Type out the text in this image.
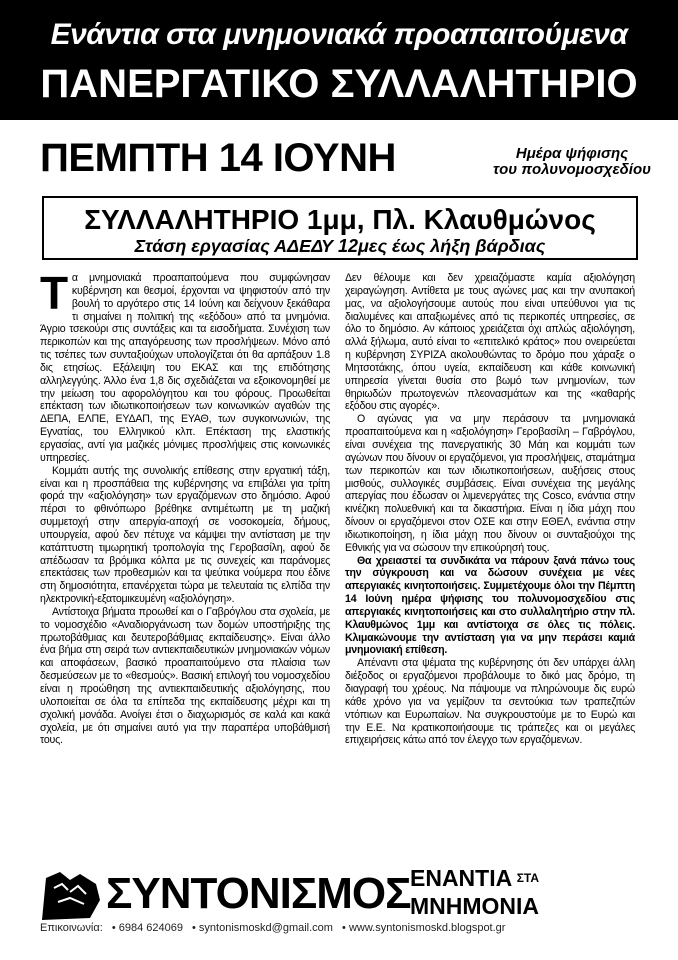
Ενάντια στα μνημονιακά προαπαιτούμενα
ΠΑΝΕΡΓΑΤΙΚΟ ΣΥΛΛΑΛΗΤΗΡΙΟ
ΠΕΜΠΤΗ 14 ΙΟΥΝΗ	Ημέρα ψήφισης
του πολυνομοσχεδίου
ΣΥΛΛΑΛΗΤΗΡΙΟ 1μμ, Πλ. Κλαυθμώνος
Στάση εργασίας ΑΔΕΔΥ 12μες έως λήξη βάρδιας

Τα μνημονιακά προαπαιτούμενα που συμφώνησαν κυβέρνηση και θεσμοί, έρχονται να ψηφιστούν από την βουλή το αργότερο στις 14 Ιούνη και δείχνουν ξεκάθαρα τι σημαίνει η πολιτική της «εξόδου» από τα μνημόνια. Άγριο τσεκούρι στις συντάξεις και τα εισοδήματα. Συνέχιση των περικοπών και της απαγόρευσης των προσλήψεων. Μόνο από τις τσέπες των συνταξιούχων υπολογίζεται ότι θα αρπάξουν 1.8 δις ετησίως. Εξάλειψη του ΕΚΑΣ και της επιδότησης αλληλεγγύης. Άλλο ένα 1,8 δις σχεδιάζεται να εξοικονομηθεί με την μείωση του αφορολόγητου και του φόρους. Προωθείται επέκταση των ιδιωτικοποιήσεων των κοινωνικών αγαθών της ΔΕΠΑ, ΕΛΠΕ, ΕΥΔΑΠ, της ΕΥΑΘ, των συγκοινωνιών, της Εγνατίας, του Ελληνικού κλπ. Επέκταση της ελαστικής εργασίας, αντί για μαζικές μόνιμες προσλήψεις στις κοινωνικές υπηρεσίες.

Κομμάτι αυτής της συνολικής επίθεσης στην εργατική τάξη, είναι και η προσπάθεια της κυβέρνησης να επιβάλει για τρίτη φορά την «αξιολόγηση» των εργαζόμενων στο δημόσιο. Αφού πέρσι το φθινόπωρο βρέθηκε αντιμέτωπη με τη μαζική συμμετοχή στην απεργία-αποχή σε νοσοκομεία, δήμους, υπουργεία, αφού δεν πέτυχε να κάμψει την αντίσταση με την κατάπτυστη τιμωρητική τροπολογία της Γεροβασίλη, αφού δε απέδωσαν τα βρόμικα κόλπα με τις συνεχείς και παράνομες επεκτάσεις των προθεσμιών και τα ψεύτικα νούμερα που έδινε στη δημοσιότητα, επανέρχεται τώρα με τελευταία τις ελπίδα την ηλεκτρονική-εξατομικευμένη «αξιολόγηση».

Αντίστοιχα βήματα προωθεί και ο Γαβρόγλου στα σχολεία, με το νομοσχέδιο «Αναδιοργάνωση των δομών υποστήριξης της πρωτοβάθμιας και δευτεροβάθμιας εκπαίδευσης». Είναι άλλο ένα βήμα στη σειρά των αντιεκπαιδευτικών μνημονιακών νόμων και αποφάσεων, βασικό προαπαιτούμενο στα πλαίσια των δεσμεύσεων με το «θεσμούς». Βασική επιλογή του νομοσχεδίου είναι η προώθηση της αντιεκπαιδευτικής αξιολόγησης, που υλοποιείται σε όλα τα επίπεδα της εκπαίδευσης μέχρι και τη σχολική μονάδα. Ανοίγει έτσι ο διαχωρισμός σε καλά και κακά σχολεία, με ότι σημαίνει αυτό για την παραπέρα υποβάθμισή τους.

Δεν θέλουμε και δεν χρειαζόμαστε καμία αξιολόγηση χειραγώγηση. Αντίθετα με τους αγώνες μας και την ανυπακοή μας, να αξιολογήσουμε αυτούς που είναι υπεύθυνοι για τις διαλυμένες και απαξιωμένες από τις περικοπές υπηρεσίες, σε όλο το δημόσιο. Αν κάποιος χρειάζεται όχι απλώς αξιολόγηση, αλλά ξήλωμα, αυτό είναι το «επιτελικό κράτος» που ονειρεύεται η κυβέρνηση ΣΥΡΙΖΑ ακολουθώντας το δρόμο που χάραξε ο Μητσοτάκης, όπου υγεία, εκπαίδευση και κάθε κοινωνική υπηρεσία γίνεται θυσία στο βωμό των μνημονίων, των θηριωδών πρωτογενών πλεονασμάτων και της «καθαρής εξόδου στις αγορές».

Ο αγώνας για να μην περάσουν τα μνημονιακά προαπαιτούμενα και η «αξιολόγηση» Γεροβασίλη – Γαβρόγλου, είναι συνέχεια της πανεργατικής 30 Μάη και κομμάτι των αγώνων που δίνουν οι εργαζόμενοι, για προσλήψεις, σταμάτημα των περικοπών και των ιδιωτικοποιήσεων, αυξήσεις στους μισθούς, συλλογικές συμβάσεις. Είναι συνέχεια της μεγάλης απεργίας που έδωσαν οι λιμενεργάτες της Cosco, ενάντια στην κινέζικη πολυεθνική και τα δικαστήρια. Είναι η ίδια μάχη που δίνουν οι εργαζόμενοι στον ΟΣΕ και στην ΕΘΕΛ, ενάντια στην ιδιωτικοποίηση, η ίδια μάχη που δίνουν οι συνταξιούχοι της Εθνικής για να σώσουν την επικούρησή τους.

Θα χρειαστεί τα συνδικάτα να πάρουν ξανά πάνω τους την σύγκρουση και να δώσουν συνέχεια με νέες απεργιακές κινητοποιήσεις. Συμμετέχουμε όλοι την Πέμπτη 14 Ιούνη ημέρα ψήφισης του πολυνομοσχεδίου στις απεργιακές κινητοποιήσεις και στο συλλαλητήριο στην πλ. Κλαυθμώνος 1μμ και αντίστοιχα σε όλες τις πόλεις. Κλιμακώνουμε την αντίσταση για να μην περάσει καμιά μνημονιακή επίθεση.

Απέναντι στα ψέματα της κυβέρνησης ότι δεν υπάρχει άλλη διέξοδος οι εργαζόμενοι προβάλουμε το δικό μας δρόμο, τη διαγραφή του χρέους. Να πάψουμε να πληρώνουμε δις ευρώ κάθε χρόνο για να γεμίζουν τα σεντούκια των τραπεζιτών ντόπιων και Ευρωπαίων. Να συγκρουστούμε με το Ευρώ και την Ε.Ε. Να κρατικοποιήσουμε τις τράπεζες και οι μεγάλες επιχειρήσεις κάτω από τον έλεγχο των εργαζόμενων.

ΣΥΝΤΟΝΙΣΜΟΣ ΕΝΑΝΤΙΑ $^{\Sigma TA}$
ΜΝΗΜΟΝΙΑ
Επικοινωνία: • 6984 624069 • syntonismoskd@gmail.com • www.syntonismoskd.blogspot.gr
